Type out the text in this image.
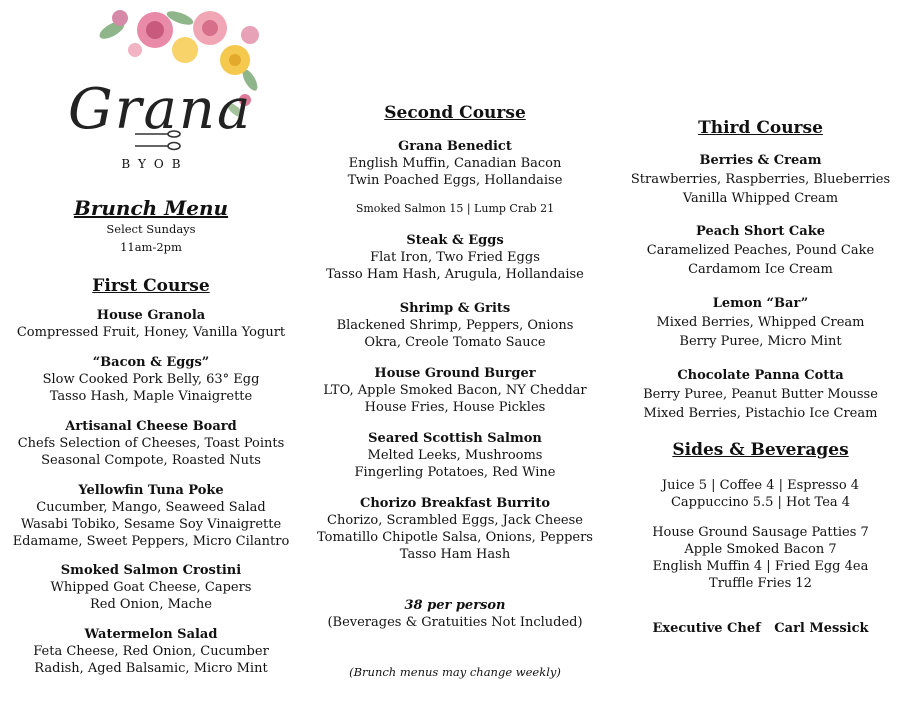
Grana
BYOB
Brunch Menu
Select Sundays
11am-2pm
First Course
House Granola
Compressed Fruit, Honey, Vanilla Yogurt
“Bacon & Eggs”
Slow Cooked Pork Belly, 63° Egg
Tasso Hash, Maple Vinaigrette
Artisanal Cheese Board
Chefs Selection of Cheeses, Toast Points
Seasonal Compote, Roasted Nuts
Yellowfin Tuna Poke
Cucumber, Mango, Seaweed Salad
Wasabi Tobiko, Sesame Soy Vinaigrette
Edamame, Sweet Peppers, Micro Cilantro
Smoked Salmon Crostini
Whipped Goat Cheese, Capers
Red Onion, Mache
Watermelon Salad
Feta Cheese, Red Onion, Cucumber
Radish, Aged Balsamic, Micro Mint
Second Course
Grana Benedict
English Muffin, Canadian Bacon
Twin Poached Eggs, Hollandaise
Smoked Salmon 15 | Lump Crab 21
Steak & Eggs
Flat Iron, Two Fried Eggs
Tasso Ham Hash, Arugula, Hollandaise
Shrimp & Grits
Blackened Shrimp, Peppers, Onions
Okra, Creole Tomato Sauce
House Ground Burger
LTO, Apple Smoked Bacon, NY Cheddar
House Fries, House Pickles
Seared Scottish Salmon
Melted Leeks, Mushrooms
Fingerling Potatoes, Red Wine
Chorizo Breakfast Burrito
Chorizo, Scrambled Eggs, Jack Cheese
Tomatillo Chipotle Salsa, Onions, Peppers
Tasso Ham Hash
38 per person
(Beverages & Gratuities Not Included)
(Brunch menus may change weekly)
Third Course
Berries & Cream
Strawberries, Raspberries, Blueberries
Vanilla Whipped Cream
Peach Short Cake
Caramelized Peaches, Pound Cake
Cardamom Ice Cream
Lemon “Bar”
Mixed Berries, Whipped Cream
Berry Puree, Micro Mint
Chocolate Panna Cotta
Berry Puree, Peanut Butter Mousse
Mixed Berries, Pistachio Ice Cream
Sides & Beverages
Juice 5 | Coffee 4 | Espresso 4
Cappuccino 5.5 | Hot Tea 4
House Ground Sausage Patties 7
Apple Smoked Bacon 7
English Muffin 4 | Fried Egg 4ea
Truffle Fries 12
Executive Chef Carl Messick
